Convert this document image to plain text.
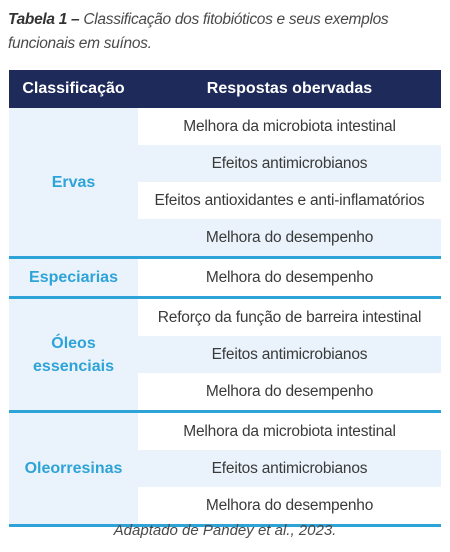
Tabela 1 – Classificação dos fitobióticos e seus exemplos funcionais em suínos.
Classificação	Respostas obervadas
Ervas
Melhora da microbiota intestinal
Efeitos antimicrobianos
Efeitos antioxidantes e anti-inflamatórios
Melhora do desempenho
Especiarias	Melhora do desempenho
Óleos
essenciais
Reforço da função de barreira intestinal
Efeitos antimicrobianos
Melhora do desempenho
Oleorresinas
Melhora da microbiota intestinal
Efeitos antimicrobianos
Melhora do desempenho
Adaptado de Pandey et al., 2023.
